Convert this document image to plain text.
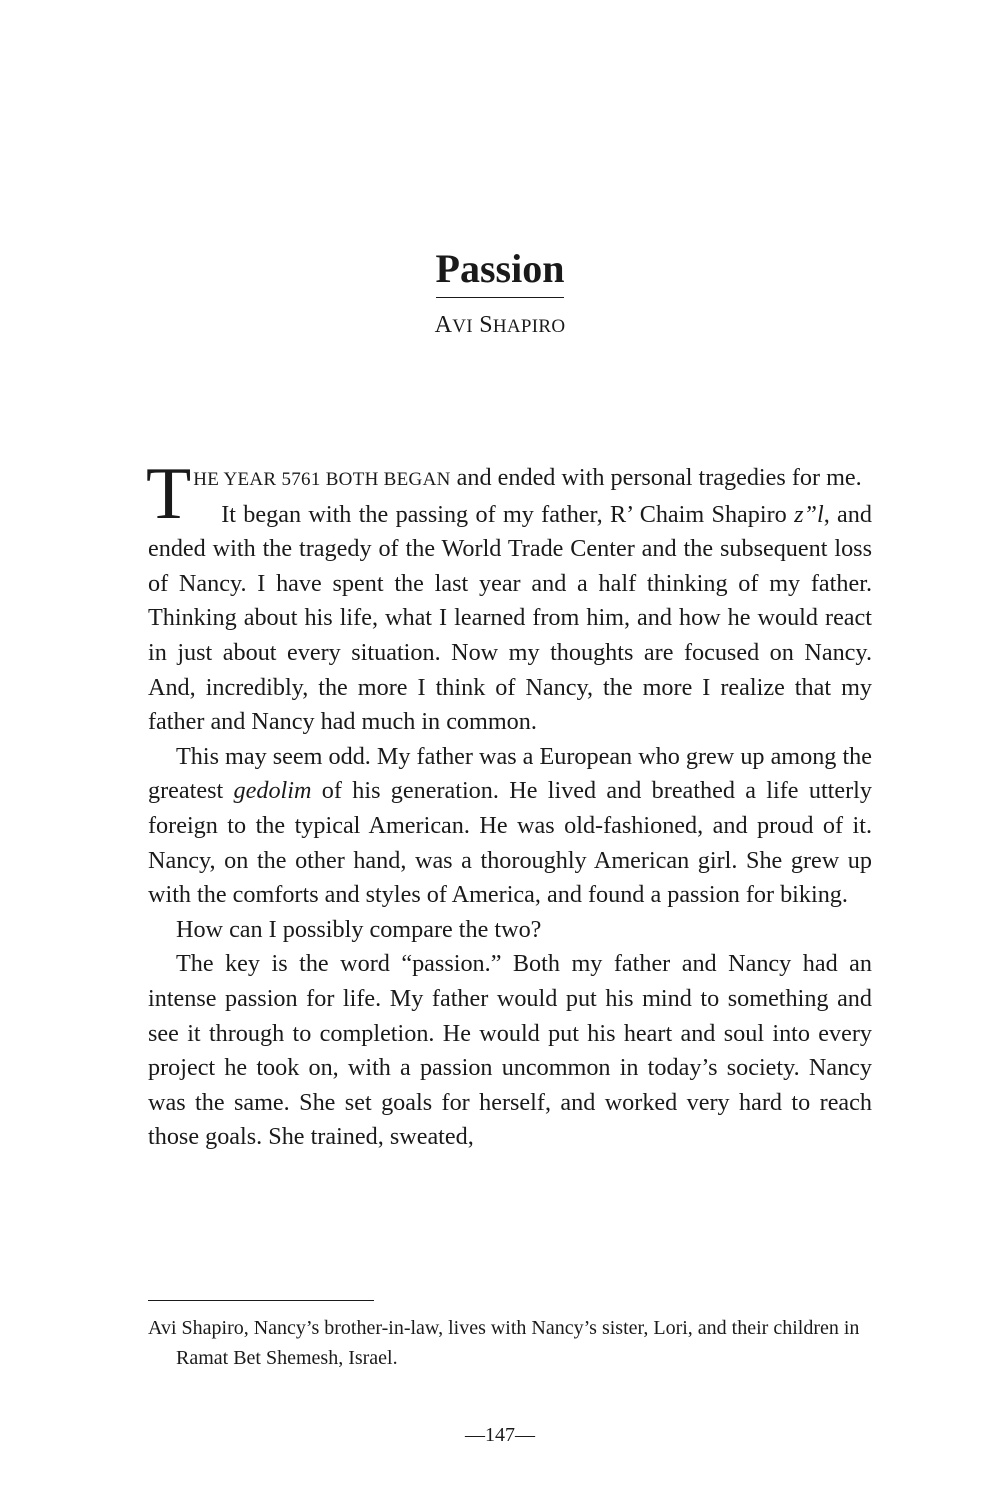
Passion
AVI SHAPIRO

THE YEAR 5761 BOTH BEGAN and ended with personal tragedies for me.

It began with the passing of my father, R’ Chaim Shapiro z”l, and ended with the tragedy of the World Trade Center and the subsequent loss of Nancy. I have spent the last year and a half thinking of my father. Thinking about his life, what I learned from him, and how he would react in just about every situation. Now my thoughts are focused on Nancy. And, incredibly, the more I think of Nancy, the more I realize that my father and Nancy had much in common.

This may seem odd. My father was a European who grew up among the greatest gedolim of his generation. He lived and breathed a life utterly foreign to the typical American. He was old-fashioned, and proud of it. Nancy, on the other hand, was a thoroughly American girl. She grew up with the comforts and styles of America, and found a passion for biking.

How can I possibly compare the two?

The key is the word “passion.” Both my father and Nancy had an intense passion for life. My father would put his mind to something and see it through to completion. He would put his heart and soul into every project he took on, with a passion uncommon in today’s society. Nancy was the same. She set goals for herself, and worked very hard to reach those goals. She trained, sweated,

Avi Shapiro, Nancy’s brother-in-law, lives with Nancy’s sister, Lori, and their children in Ramat Bet Shemesh, Israel.
—147—
